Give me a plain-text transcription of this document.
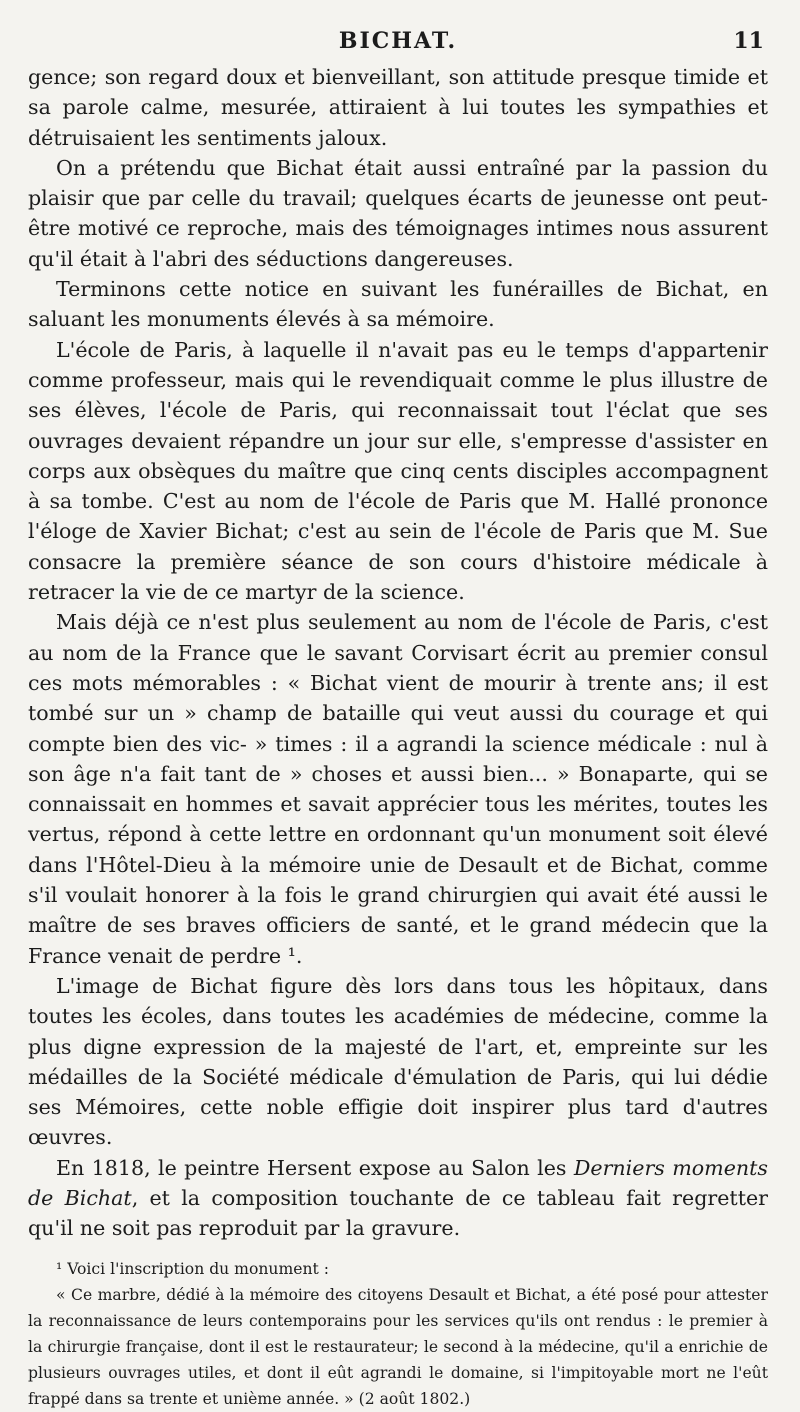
BICHAT.	11

gence; son regard doux et bienveillant, son attitude presque timide et sa parole calme, mesurée, attiraient à lui toutes les sympathies et détruisaient les sentiments jaloux.

On a prétendu que Bichat était aussi entraîné par la passion du plaisir que par celle du travail; quelques écarts de jeunesse ont peut-être motivé ce reproche, mais des témoignages intimes nous assurent qu'il était à l'abri des séductions dangereuses.

Terminons cette notice en suivant les funérailles de Bichat, en saluant les monuments élevés à sa mémoire.

L'école de Paris, à laquelle il n'avait pas eu le temps d'appartenir comme professeur, mais qui le revendiquait comme le plus illustre de ses élèves, l'école de Paris, qui reconnaissait tout l'éclat que ses ouvrages devaient répandre un jour sur elle, s'empresse d'assister en corps aux obsèques du maître que cinq cents disciples accompagnent à sa tombe. C'est au nom de l'école de Paris que M. Hallé prononce l'éloge de Xavier Bichat; c'est au sein de l'école de Paris que M. Sue consacre la première séance de son cours d'histoire médicale à retracer la vie de ce martyr de la science.

Mais déjà ce n'est plus seulement au nom de l'école de Paris, c'est au nom de la France que le savant Corvisart écrit au premier consul ces mots mémorables : « Bichat vient de mourir à trente ans; il est tombé sur un » champ de bataille qui veut aussi du courage et qui compte bien des vic- » times : il a agrandi la science médicale : nul à son âge n'a fait tant de » choses et aussi bien... » Bonaparte, qui se connaissait en hommes et savait apprécier tous les mérites, toutes les vertus, répond à cette lettre en ordonnant qu'un monument soit élevé dans l'Hôtel-Dieu à la mémoire unie de Desault et de Bichat, comme s'il voulait honorer à la fois le grand chirurgien qui avait été aussi le maître de ses braves officiers de santé, et le grand médecin que la France venait de perdre ¹.

L'image de Bichat figure dès lors dans tous les hôpitaux, dans toutes les écoles, dans toutes les académies de médecine, comme la plus digne expression de la majesté de l'art, et, empreinte sur les médailles de la Société médicale d'émulation de Paris, qui lui dédie ses Mémoires, cette noble effigie doit inspirer plus tard d'autres œuvres.

En 1818, le peintre Hersent expose au Salon les Derniers moments de Bichat, et la composition touchante de ce tableau fait regretter qu'il ne soit pas reproduit par la gravure.

¹ Voici l'inscription du monument :

« Ce marbre, dédié à la mémoire des citoyens Desault et Bichat, a été posé pour attester la reconnaissance de leurs contemporains pour les services qu'ils ont rendus : le premier à la chirurgie française, dont il est le restaurateur; le second à la médecine, qu'il a enrichie de plusieurs ouvrages utiles, et dont il eût agrandi le domaine, si l'impitoyable mort ne l'eût frappé dans sa trente et unième année. » (2 août 1802.)
